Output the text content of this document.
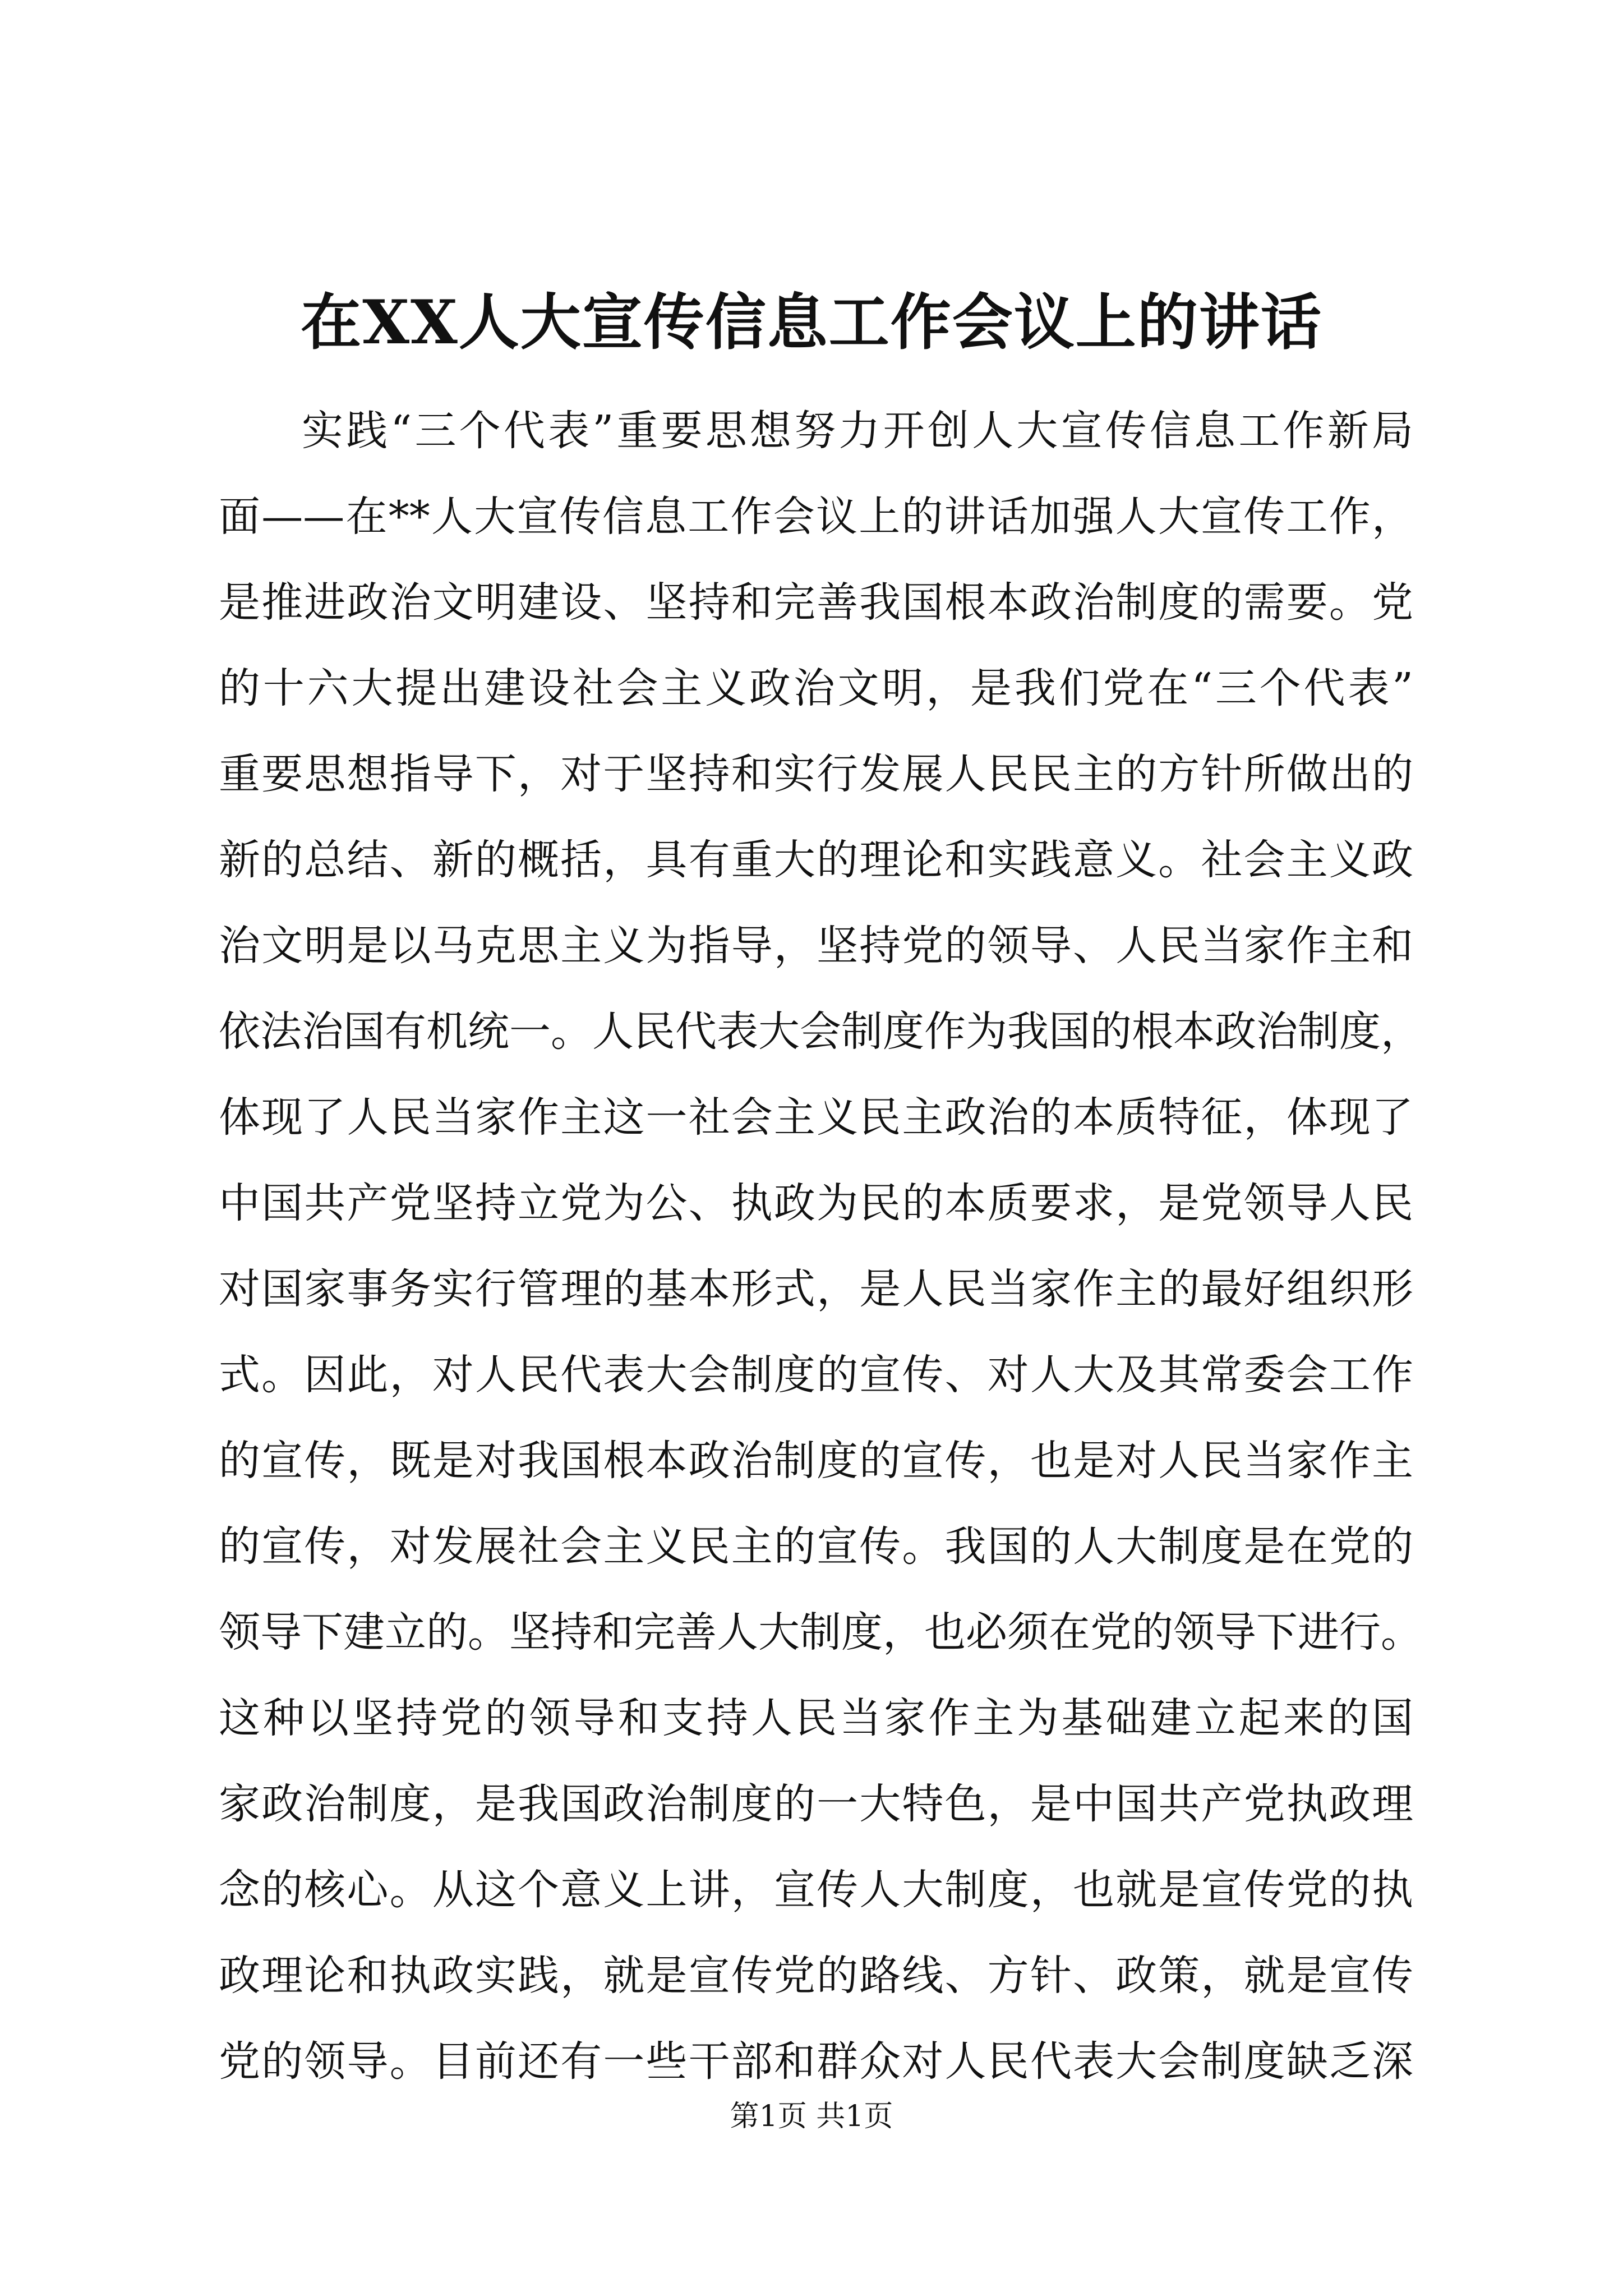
在XX人大宣传信息工作会议上的讲话
实践“三个代表”重要思想努力开创人大宣传信息工作新局
面——在**人大宣传信息工作会议上的讲话加强人大宣传工作，
是推进政治文明建设、坚持和完善我国根本政治制度的需要。党
的十六大提出建设社会主义政治文明，是我们党在“三个代表”
重要思想指导下，对于坚持和实行发展人民民主的方针所做出的
新的总结、新的概括，具有重大的理论和实践意义。社会主义政
治文明是以马克思主义为指导，坚持党的领导、人民当家作主和
依法治国有机统一。人民代表大会制度作为我国的根本政治制度，
体现了人民当家作主这一社会主义民主政治的本质特征，体现了
中国共产党坚持立党为公、执政为民的本质要求，是党领导人民
对国家事务实行管理的基本形式，是人民当家作主的最好组织形
式。因此，对人民代表大会制度的宣传、对人大及其常委会工作
的宣传，既是对我国根本政治制度的宣传，也是对人民当家作主
的宣传，对发展社会主义民主的宣传。我国的人大制度是在党的
领导下建立的。坚持和完善人大制度，也必须在党的领导下进行。
这种以坚持党的领导和支持人民当家作主为基础建立起来的国
家政治制度，是我国政治制度的一大特色，是中国共产党执政理
念的核心。从这个意义上讲，宣传人大制度，也就是宣传党的执
政理论和执政实践，就是宣传党的路线、方针、政策，就是宣传
党的领导。目前还有一些干部和群众对人民代表大会制度缺乏深
第1页 共1页
